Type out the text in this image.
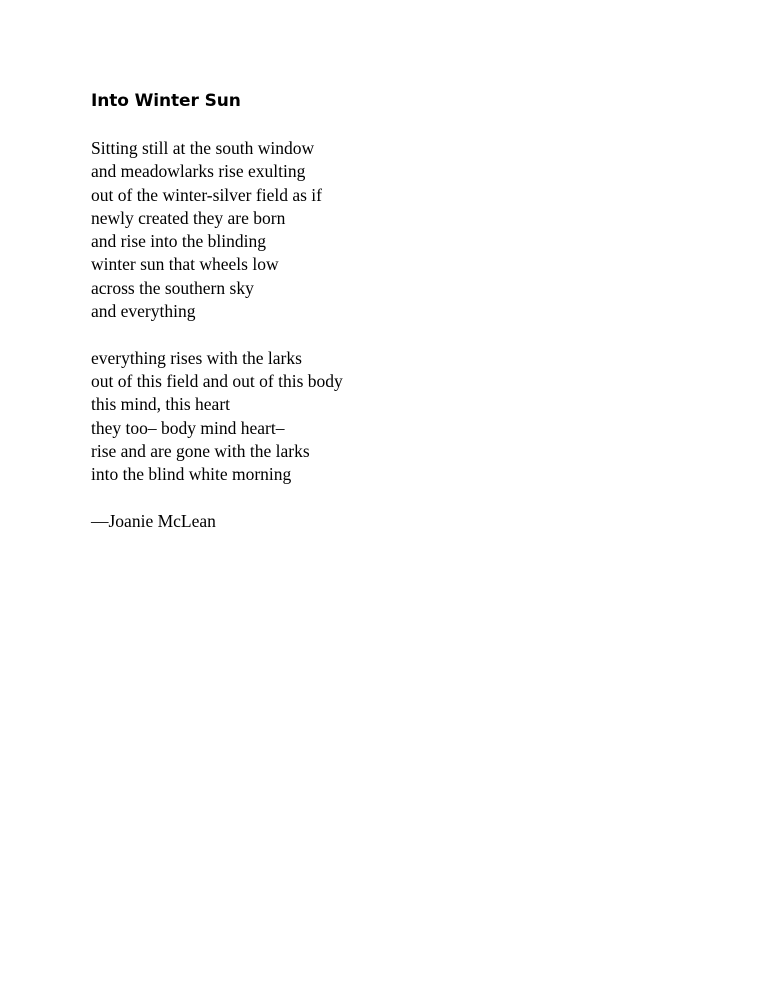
Into Winter Sun
Sitting still at the south window
and meadowlarks rise exulting
out of the winter-silver field as if
newly created they are born
and rise into the blinding
winter sun that wheels low
across the southern sky
and everything
everything rises with the larks
out of this field and out of this body
this mind, this heart
they too– body mind heart–
rise and are gone with the larks
into the blind white morning
—Joanie McLean
